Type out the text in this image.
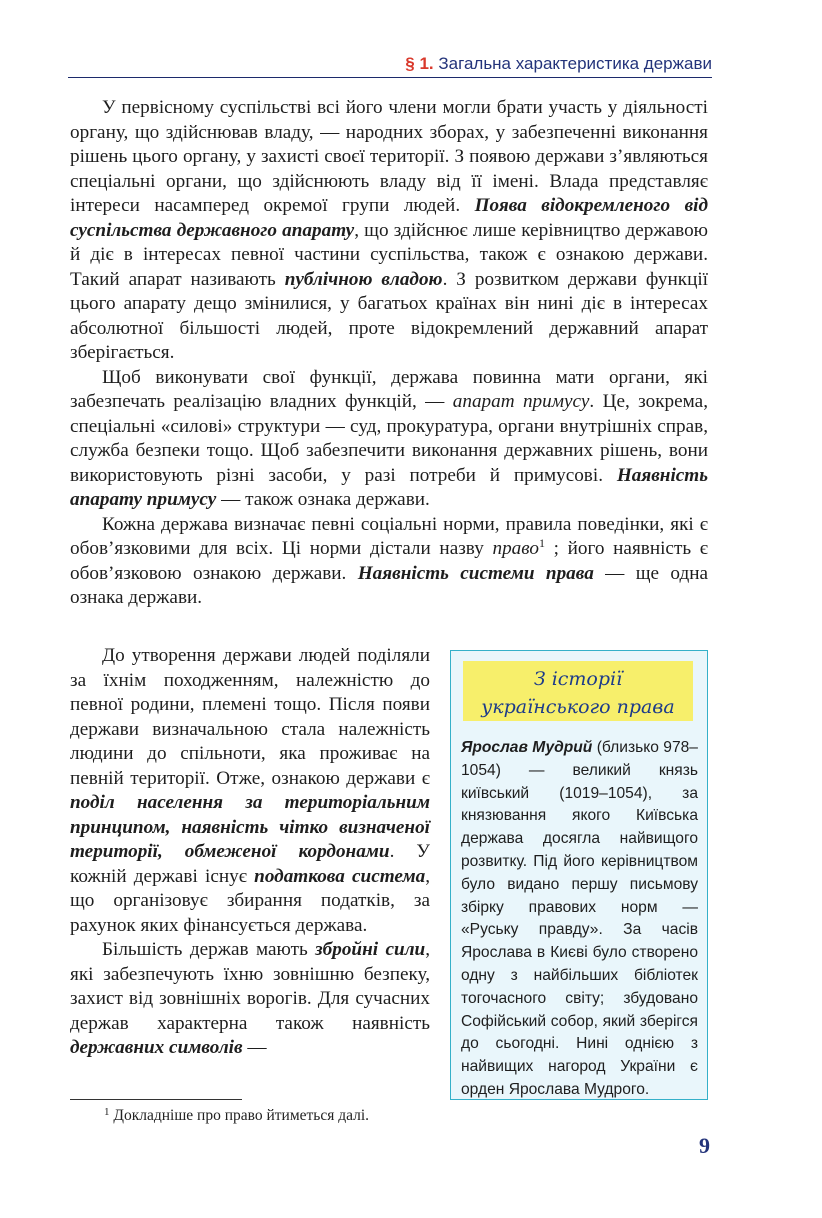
§ 1. Загальна характеристика держави

У первісному суспільстві всі його члени могли брати участь у діяльності органу, що здійснював владу, — народних зборах, у забезпеченні виконання рішень цього органу, у захисті своєї території. З появою держави з’являються спеціальні органи, що здійснюють владу від її імені. Влада представляє інтереси насамперед окремої групи людей. Поява відокремленого від суспільства державного апарату, що здійснює лише керівництво державою й діє в інтересах певної частини суспільства, також є ознакою держави. Такий апарат називають публічною владою. З розвитком держави функції цього апарату дещо змінилися, у багатьох країнах він нині діє в інтересах абсолютної більшості людей, проте відокремлений державний апарат зберігається.

Щоб виконувати свої функції, держава повинна мати органи, які забезпечать реалізацію владних функцій, — апарат примусу. Це, зокрема, спеціальні «силові» структури — суд, прокуратура, органи внутрішніх справ, служба безпеки тощо. Щоб забезпечити виконання державних рішень, вони використовують різні засоби, у разі потреби й примусові. Наявність апарату примусу — також ознака держави.

Кожна держава визначає певні соціальні норми, правила поведінки, які є обов’язковими для всіх. Ці норми дістали назву право$^1$ ; його наявність є обов’язковою ознакою держави. Наявність системи права — ще одна ознака держави.

До утворення держави людей поділяли за їхнім походженням, належністю до певної родини, племені тощо. Після появи держави визначальною стала належність людини до спільноти, яка проживає на певній території. Отже, ознакою держави є поділ населення за територіальним принципом, наявність чітко визначеної території, обмеженої кордонами. У кожній державі існує податкова система, що організовує збирання податків, за рахунок яких фінансується держава.

Більшість держав мають збройні сили, які забезпечують їхню зовнішню безпеку, захист від зовнішніх ворогів. Для сучасних держав характерна також наявність державних символів —

З історії
українського права
Ярослав Мудрий (близько 978–1054) — великий князь київський (1019–1054), за князювання якого Київська держава досягла найвищого розвитку. Під його керівництвом було видано першу письмову збірку правових норм — «Руську правду». За часів Ярослава в Києві було створено одну з найбільших бібліотек тогочасного світу; збудовано Софійський собор, який зберігся до сьогодні. Нині однією з найвищих нагород України є орден Ярослава Мудрого.
$^1$ Докладніше про право йтиметься далі.
9
